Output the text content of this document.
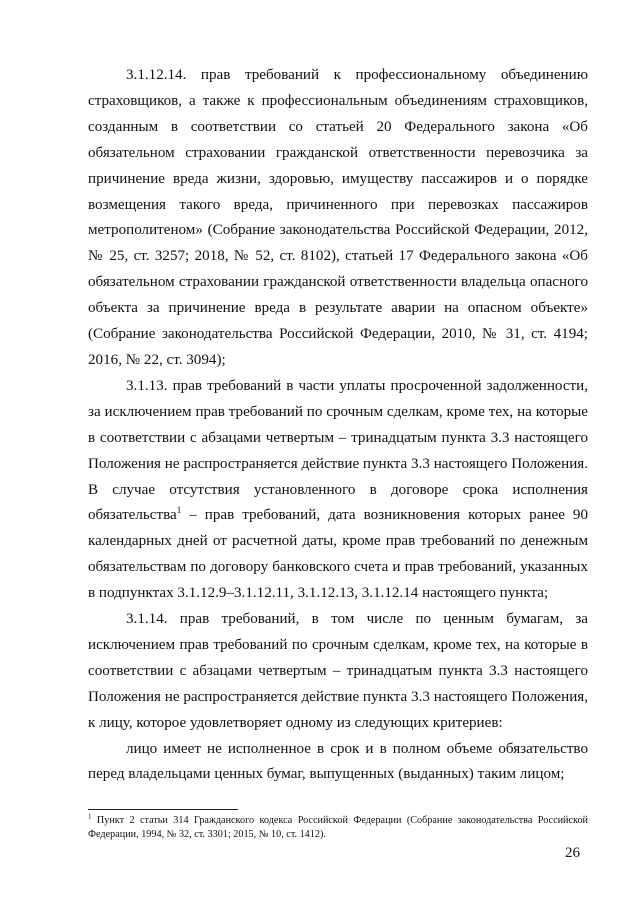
3.1.12.14. прав требований к профессиональному объединению страховщиков, а также к профессиональным объединениям страховщиков, созданным в соответствии со статьей 20 Федерального закона «Об обязательном страховании гражданской ответственности перевозчика за причинение вреда жизни, здоровью, имуществу пассажиров и о порядке возмещения такого вреда, причиненного при перевозках пассажиров метрополитеном» (Собрание законодательства Российской Федерации, 2012, № 25, ст. 3257; 2018, № 52, ст. 8102), статьей 17 Федерального закона «Об обязательном страховании гражданской ответственности владельца опасного объекта за причинение вреда в результате аварии на опасном объекте» (Собрание законодательства Российской Федерации, 2010, № 31, ст. 4194; 2016, № 22, ст. 3094);

3.1.13. прав требований в части уплаты просроченной задолженности, за исключением прав требований по срочным сделкам, кроме тех, на которые в соответствии с абзацами четвертым – тринадцатым пункта 3.3 настоящего Положения не распространяется действие пункта 3.3 настоящего Положения. В случае отсутствия установленного в договоре срока исполнения обязательства$^1$ – прав требований, дата возникновения которых ранее 90 календарных дней от расчетной даты, кроме прав требований по денежным обязательствам по договору банковского счета и прав требований, указанных в подпунктах 3.1.12.9–3.1.12.11, 3.1.12.13, 3.1.12.14 настоящего пункта;

3.1.14. прав требований, в том числе по ценным бумагам, за исключением прав требований по срочным сделкам, кроме тех, на которые в соответствии с абзацами четвертым – тринадцатым пункта 3.3 настоящего Положения не распространяется действие пункта 3.3 настоящего Положения, к лицу, которое удовлетворяет одному из следующих критериев:

лицо имеет не исполненное в срок и в полном объеме обязательство перед владельцами ценных бумаг, выпущенных (выданных) таким лицом;

$^1$ Пункт 2 статьи 314 Гражданского кодекса Российской Федерации (Собрание законодательства Российской Федерации, 1994, № 32, ст. 3301; 2015, № 10, ст. 1412).
26
